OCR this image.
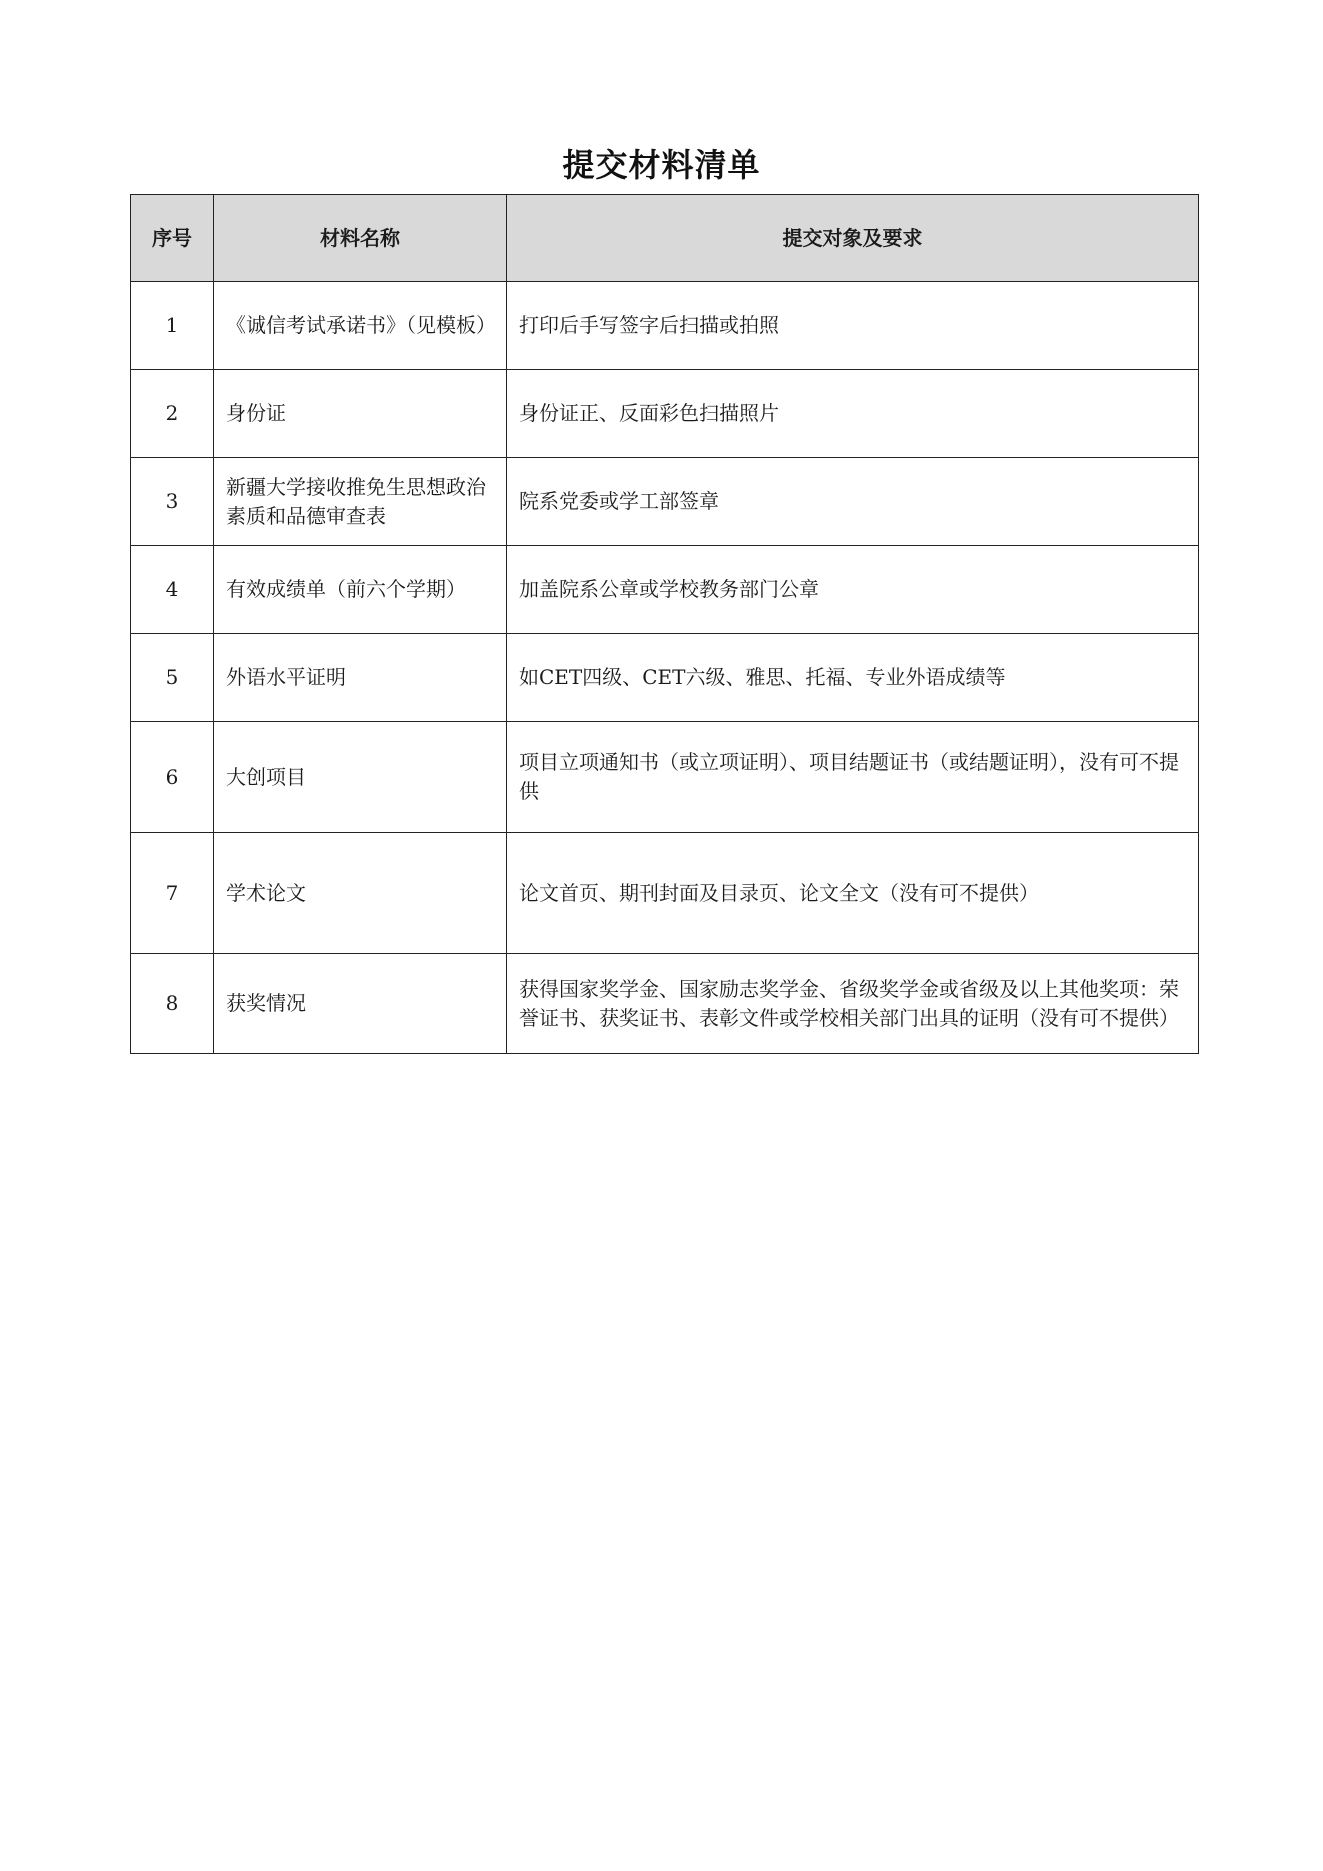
提交材料清单
序号	材料名称	提交对象及要求
1	《诚信考试承诺书》（见模板）	打印后手写签字后扫描或拍照
2	身份证	身份证正、反面彩色扫描照片
3	新疆大学接收推免生思想政治素质和品德审查表	院系党委或学工部签章
4	有效成绩单（前六个学期）	加盖院系公章或学校教务部门公章
5	外语水平证明	如CET四级、CET六级、雅思、托福、专业外语成绩等
6	大创项目	项目立项通知书（或立项证明）、项目结题证书（或结题证明），没有可不提供
7	学术论文	论文首页、期刊封面及目录页、论文全文（没有可不提供）
8	获奖情况	获得国家奖学金、国家励志奖学金、省级奖学金或省级及以上其他奖项：荣誉证书、获奖证书、表彰文件或学校相关部门出具的证明（没有可不提供）
